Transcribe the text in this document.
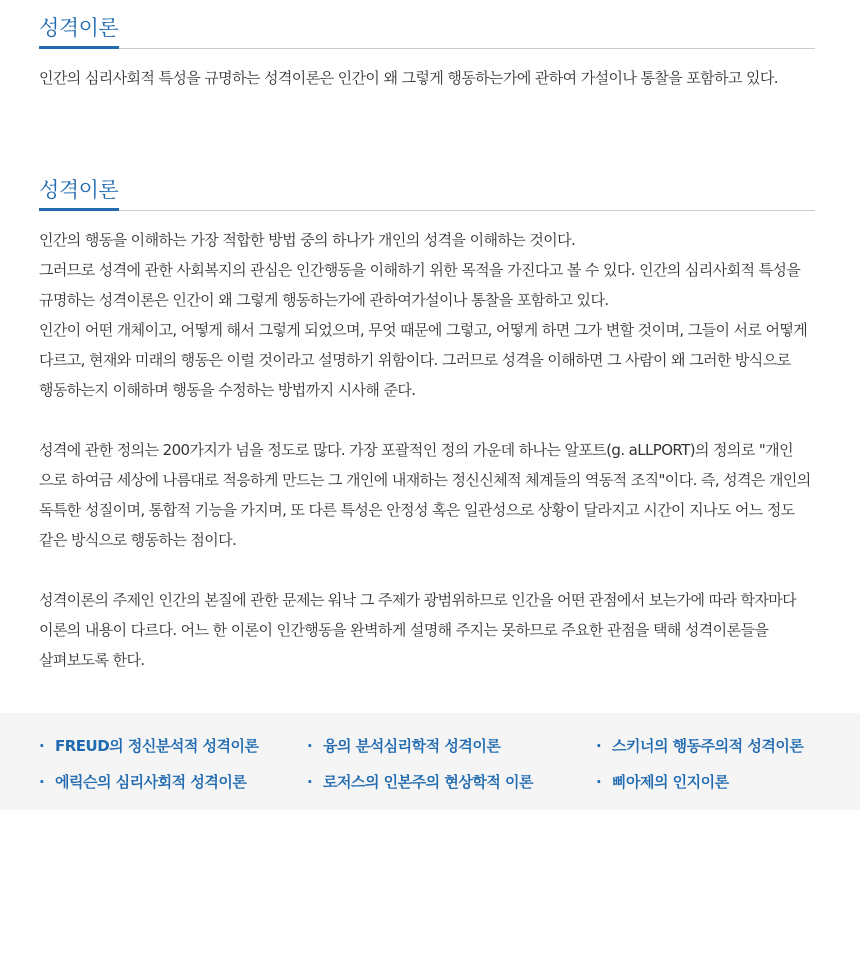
성격이론

인간의 심리사회적 특성을 규명하는 성격이론은 인간이 왜 그렇게 행동하는가에 관하여 가설이나 통찰을 포함하고 있다.

성격이론

인간의 행동을 이해하는 가장 적합한 방법 중의 하나가 개인의 성격을 이해하는 것이다.

그러므로 성격에 관한 사회복지의 관심은 인간행동을 이해하기 위한 목적을 가진다고 볼 수 있다. 인간의 심리사회적 특성을

규명하는 성격이론은 인간이 왜 그렇게 행동하는가에 관하여가설이나 통찰을 포함하고 있다.

인간이 어떤 개체이고, 어떻게 해서 그렇게 되었으며, 무엇 때문에 그렇고, 어떻게 하면 그가 변할 것이며, 그들이 서로 어떻게

다르고, 현재와 미래의 행동은 이럴 것이라고 설명하기 위함이다. 그러므로 성격을 이해하면 그 사람이 왜 그러한 방식으로

행동하는지 이해하며 행동을 수정하는 방법까지 시사해 준다.

성격에 관한 정의는 200가지가 넘을 정도로 많다. 가장 포괄적인 정의 가운데 하나는 알포트(g. aLLPORT)의 정의로 "개인

으로 하여금 세상에 나름대로 적응하게 만드는 그 개인에 내재하는 정신신체적 체계들의 역동적 조직"이다. 즉, 성격은 개인의

독특한 성질이며, 통합적 기능을 가지며, 또 다른 특성은 안정성 혹은 일관성으로 상황이 달라지고 시간이 지나도 어느 정도

같은 방식으로 행동하는 점이다.

성격이론의 주제인 인간의 본질에 관한 문제는 워낙 그 주제가 광범위하므로 인간을 어떤 관점에서 보는가에 따라 학자마다

이론의 내용이 다르다. 어느 한 이론이 인간행동을 완벽하게 설명해 주지는 못하므로 주요한 관점을 택해 성격이론들을

살펴보도록 한다.

· FREUD의 정신분석적 성격이론	· 융의 분석심리학적 성격이론	· 스키너의 행동주의적 성격이론
· 에릭슨의 심리사회적 성격이론	· 로저스의 인본주의 현상학적 이론	· 삐아제의 인지이론
